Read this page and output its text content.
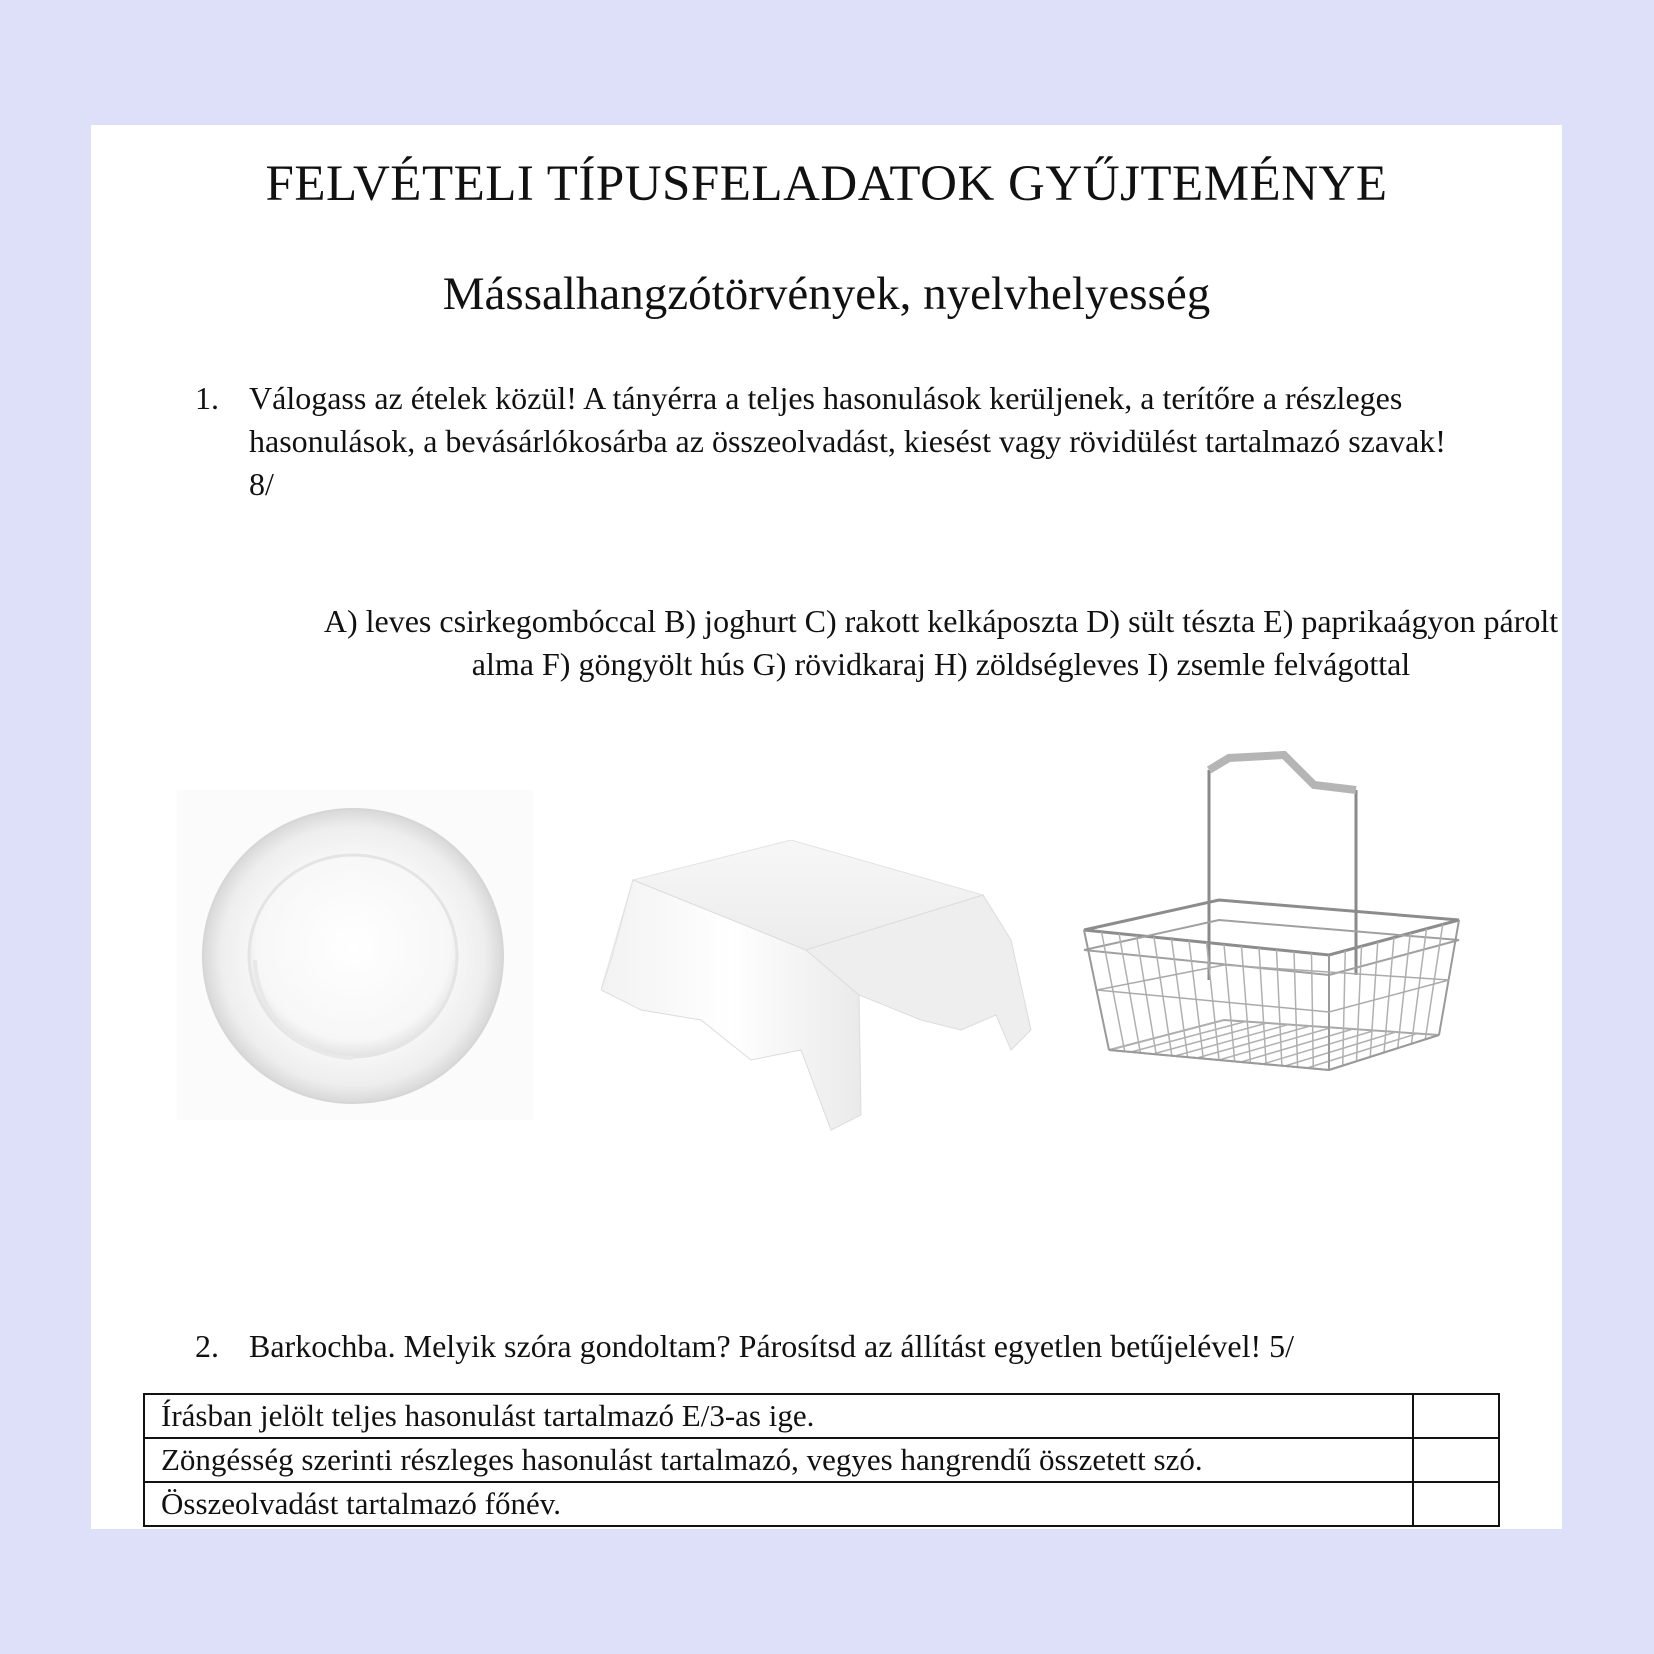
FELVÉTELI TÍPUSFELADATOK GYŰJTEMÉNYE
Mássalhangzótörvények, nyelvhelyesség
1. Válogass az ételek közül! A tányérra a teljes hasonulások kerüljenek, a terítőre a részleges hasonulások, a bevásárlókosárba az összeolvadást, kiesést vagy rövidülést tartalmazó szavak! 8/
A) leves csirkegombóccal B) joghurt C) rakott kelkáposzta D) sült tészta E) paprikaágyon párolt alma F) göngyölt hús G) rövidkaraj H) zöldségleves I) zsemle felvágottal
2. Barkochba. Melyik szóra gondoltam? Párosítsd az állítást egyetlen betűjelével! 5/
Írásban jelölt teljes hasonulást tartalmazó E/3-as ige.	
Zöngésség szerinti részleges hasonulást tartalmazó, vegyes hangrendű összetett szó.	
Összeolvadást tartalmazó főnév.	
